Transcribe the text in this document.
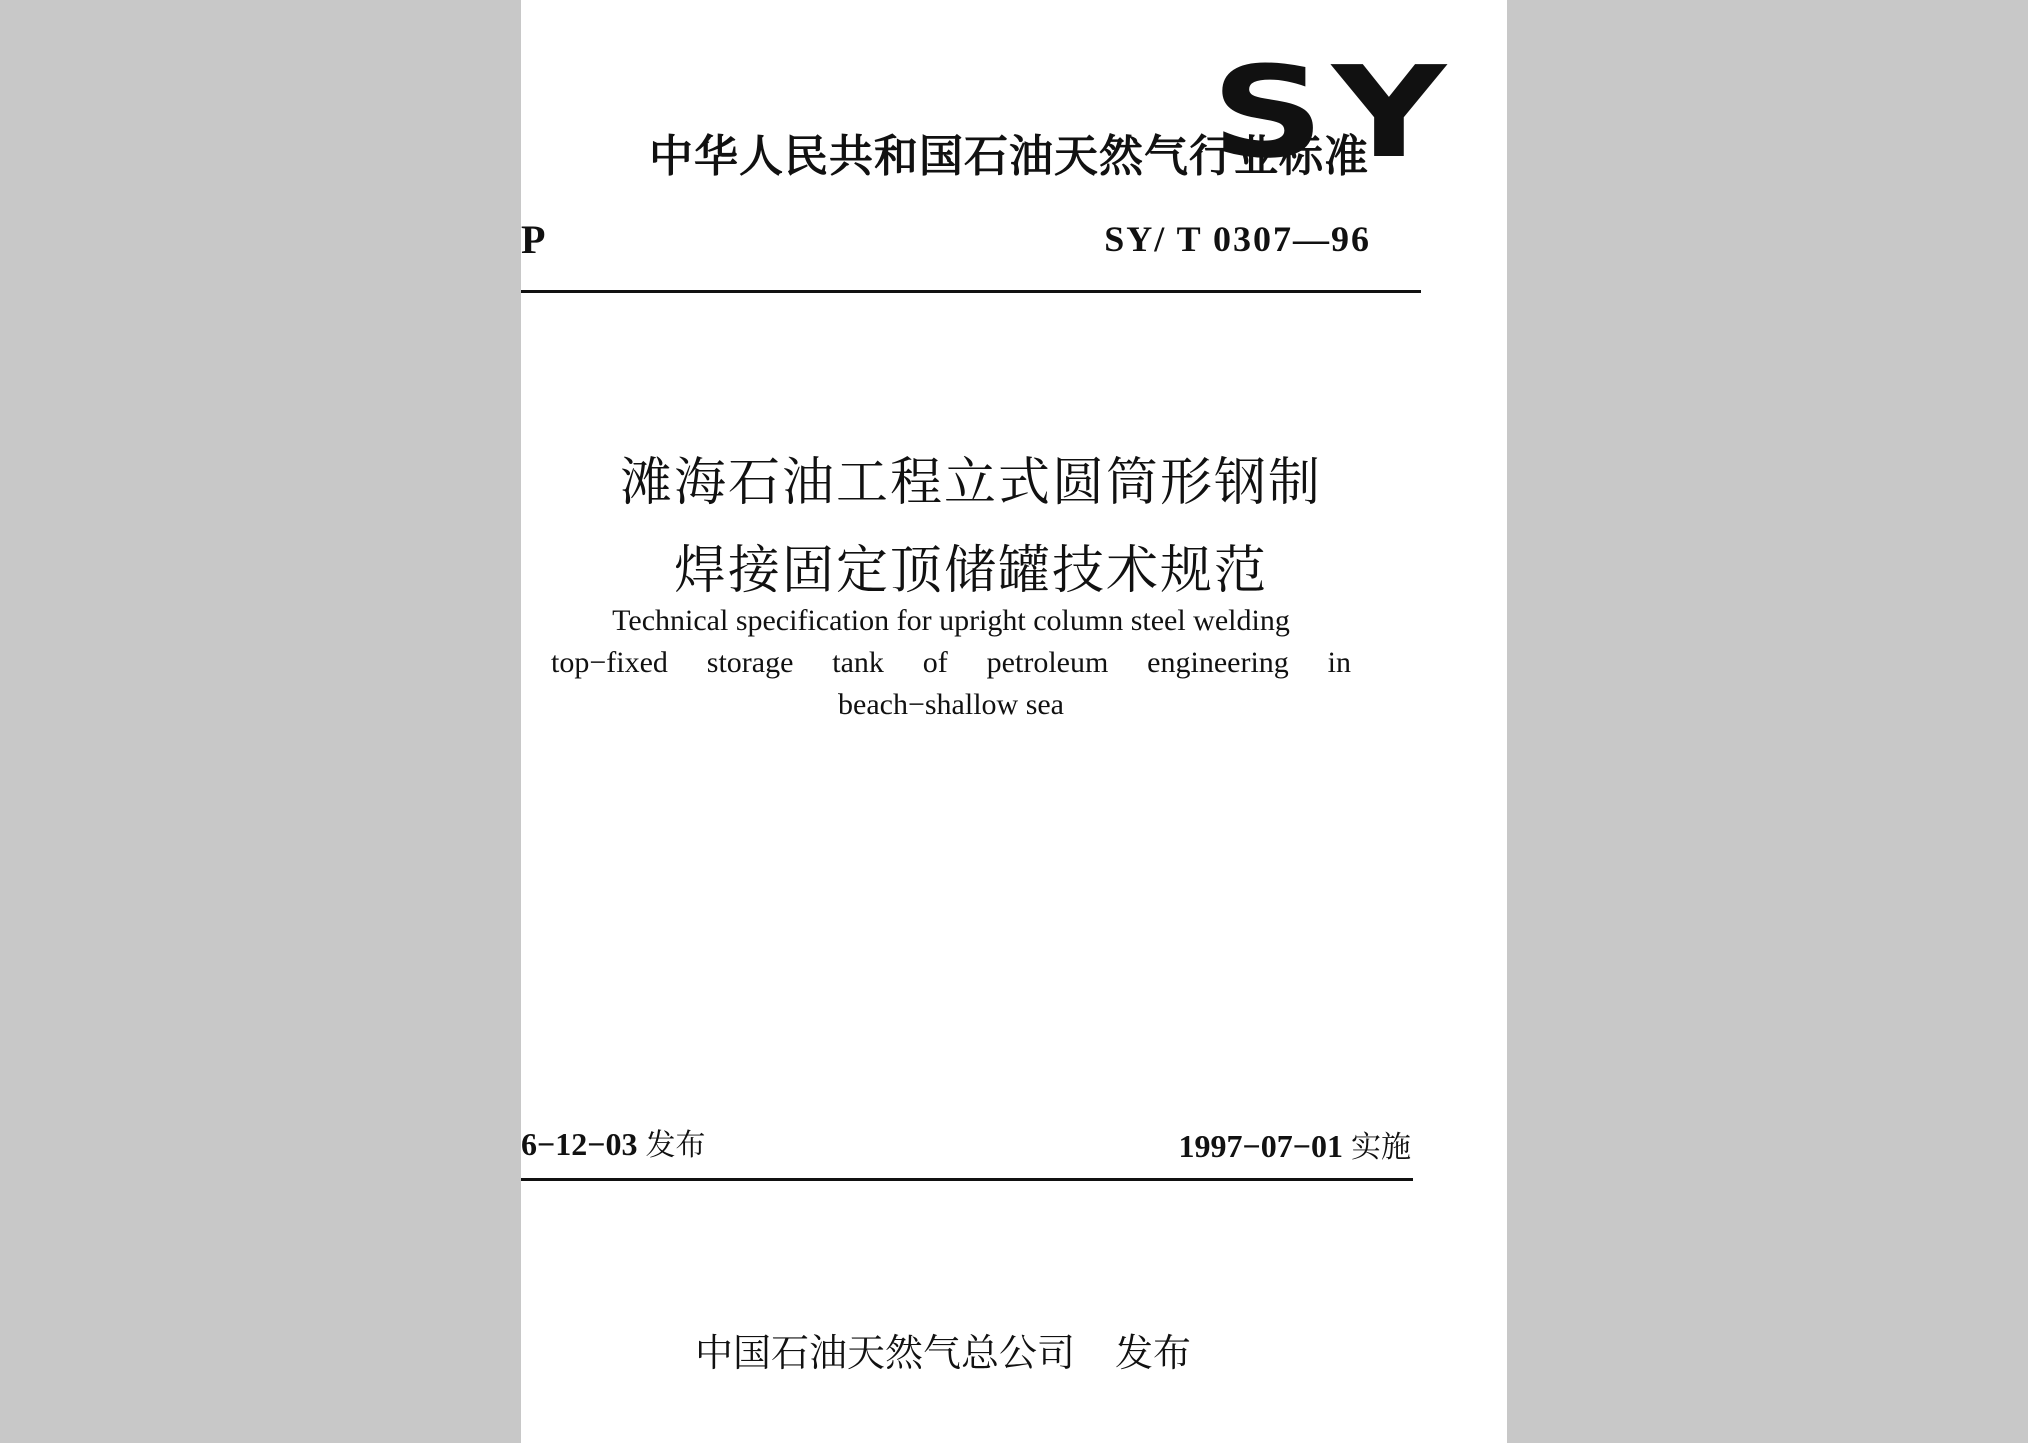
中华人民共和国石油天然气行业标准
SY
P	SY/ T 0307—96
滩海石油工程立式圆筒形钢制
焊接固定顶储罐技术规范
Technical specification for upright column steel welding
top−fixed storage tank of petroleum engineering in
beach−shallow sea
6−12−03 发布	1997−07−01 实施
中国石油天然气总公司 发布
